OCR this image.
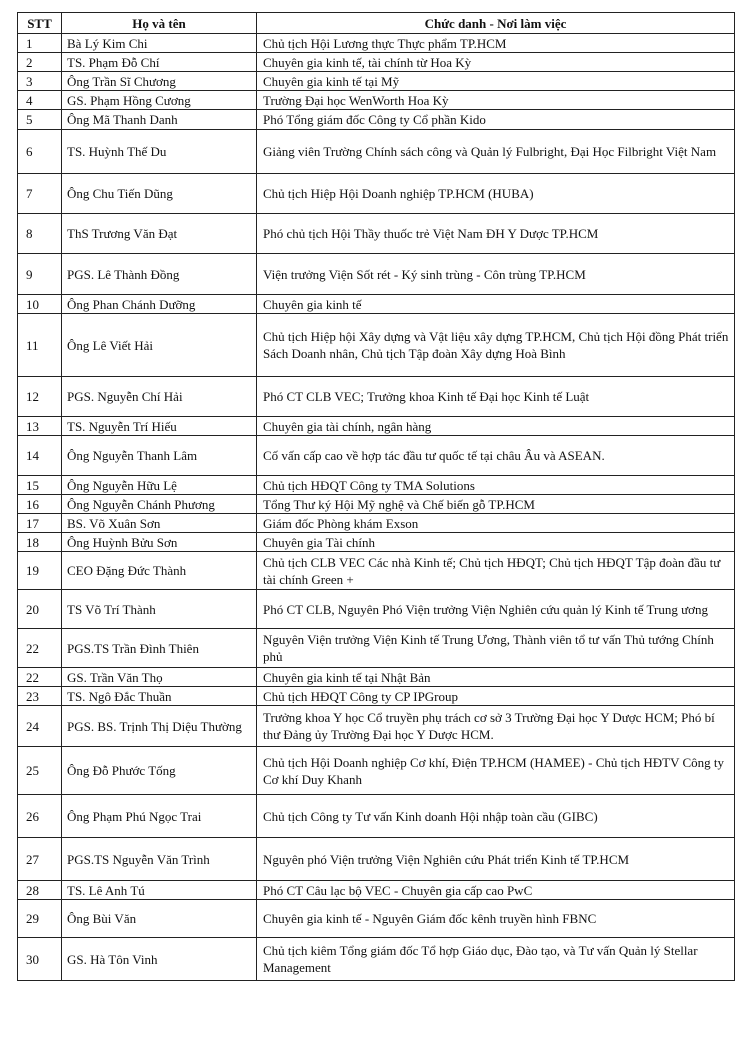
STT	Họ và tên	Chức danh - Nơi làm việc
1	Bà Lý Kim Chi	Chủ tịch Hội Lương thực Thực phẩm TP.HCM
2	TS. Phạm Đỗ Chí	Chuyên gia kinh tế, tài chính từ Hoa Kỳ
3	Ông Trần Sĩ Chương	Chuyên gia kinh tế tại Mỹ
4	GS. Phạm Hồng Cương	Trường Đại học WenWorth Hoa Kỳ
5	Ông Mã Thanh Danh	Phó Tổng giám đốc Công ty Cổ phần Kido
6	TS. Huỳnh Thế Du	Giảng viên Trường Chính sách công và Quản lý Fulbright, Đại Học Filbright Việt Nam
7	Ông Chu Tiến Dũng	Chủ tịch Hiệp Hội Doanh nghiệp TP.HCM (HUBA)
8	ThS Trương Văn Đạt	Phó chủ tịch Hội Thầy thuốc trẻ Việt Nam ĐH Y Dược TP.HCM
9	PGS. Lê Thành Đồng	Viện trưởng Viện Sốt rét - Ký sinh trùng - Côn trùng TP.HCM
10	Ông Phan Chánh Dưỡng	Chuyên gia kinh tế
11	Ông Lê Viết Hải	Chủ tịch Hiệp hội Xây dựng và Vật liệu xây dựng TP.HCM, Chủ tịch Hội đồng Phát triển Sách Doanh nhân, Chủ tịch Tập đoàn Xây dựng Hoà Bình
12	PGS. Nguyễn Chí Hải	Phó CT CLB VEC; Trưởng khoa Kinh tế Đại học Kinh tế Luật
13	TS. Nguyễn Trí Hiếu	Chuyên gia tài chính, ngân hàng
14	Ông Nguyễn Thanh Lâm	Cố vấn cấp cao về hợp tác đầu tư quốc tế tại châu Âu và ASEAN.
15	Ông Nguyễn Hữu Lệ	Chủ tịch HĐQT Công ty TMA Solutions
16	Ông Nguyễn Chánh Phương	Tổng Thư ký Hội Mỹ nghệ và Chế biến gỗ TP.HCM
17	BS. Võ Xuân Sơn	Giám đốc Phòng khám Exson
18	Ông Huỳnh Bửu Sơn	Chuyên gia Tài chính
19	CEO Đặng Đức Thành	Chủ tịch CLB VEC Các nhà Kinh tế; Chủ tịch HĐQT; Chủ tịch HĐQT Tập đoàn đầu tư tài chính Green +
20	TS Võ Trí Thành	Phó CT CLB, Nguyên Phó Viện trưởng Viện Nghiên cứu quản lý Kinh tế Trung ương
22	PGS.TS Trần Đình Thiên	Nguyên Viện trưởng Viện Kinh tế Trung Ương, Thành viên tổ tư vấn Thủ tướng Chính phủ
22	GS. Trần Văn Thọ	Chuyên gia kinh tế tại Nhật Bản
23	TS. Ngô Đắc Thuần	Chủ tịch HĐQT Công ty CP IPGroup
24	PGS. BS. Trịnh Thị Diệu Thường	Trưởng khoa Y học Cổ truyền phụ trách cơ sở 3 Trường Đại học Y Dược HCM; Phó bí thư Đảng ủy Trường Đại học Y Dược HCM.
25	Ông Đỗ Phước Tống	Chủ tịch Hội Doanh nghiệp Cơ khí, Điện TP.HCM (HAMEE) - Chủ tịch HĐTV Công ty Cơ khí Duy Khanh
26	Ông Phạm Phú Ngọc Trai	Chủ tịch Công ty Tư vấn Kinh doanh Hội nhập toàn cầu (GIBC)
27	PGS.TS Nguyễn Văn Trình	Nguyên phó Viện trưởng Viện Nghiên cứu Phát triển Kinh tế TP.HCM
28	TS. Lê Anh Tú	Phó CT Câu lạc bộ VEC - Chuyên gia cấp cao PwC
29	Ông Bùi Văn	Chuyên gia kinh tế - Nguyên Giám đốc kênh truyền hình FBNC
30	GS. Hà Tôn Vinh	Chủ tịch kiêm Tổng giám đốc Tổ hợp Giáo dục, Đào tạo, và Tư vấn Quản lý Stellar Management
